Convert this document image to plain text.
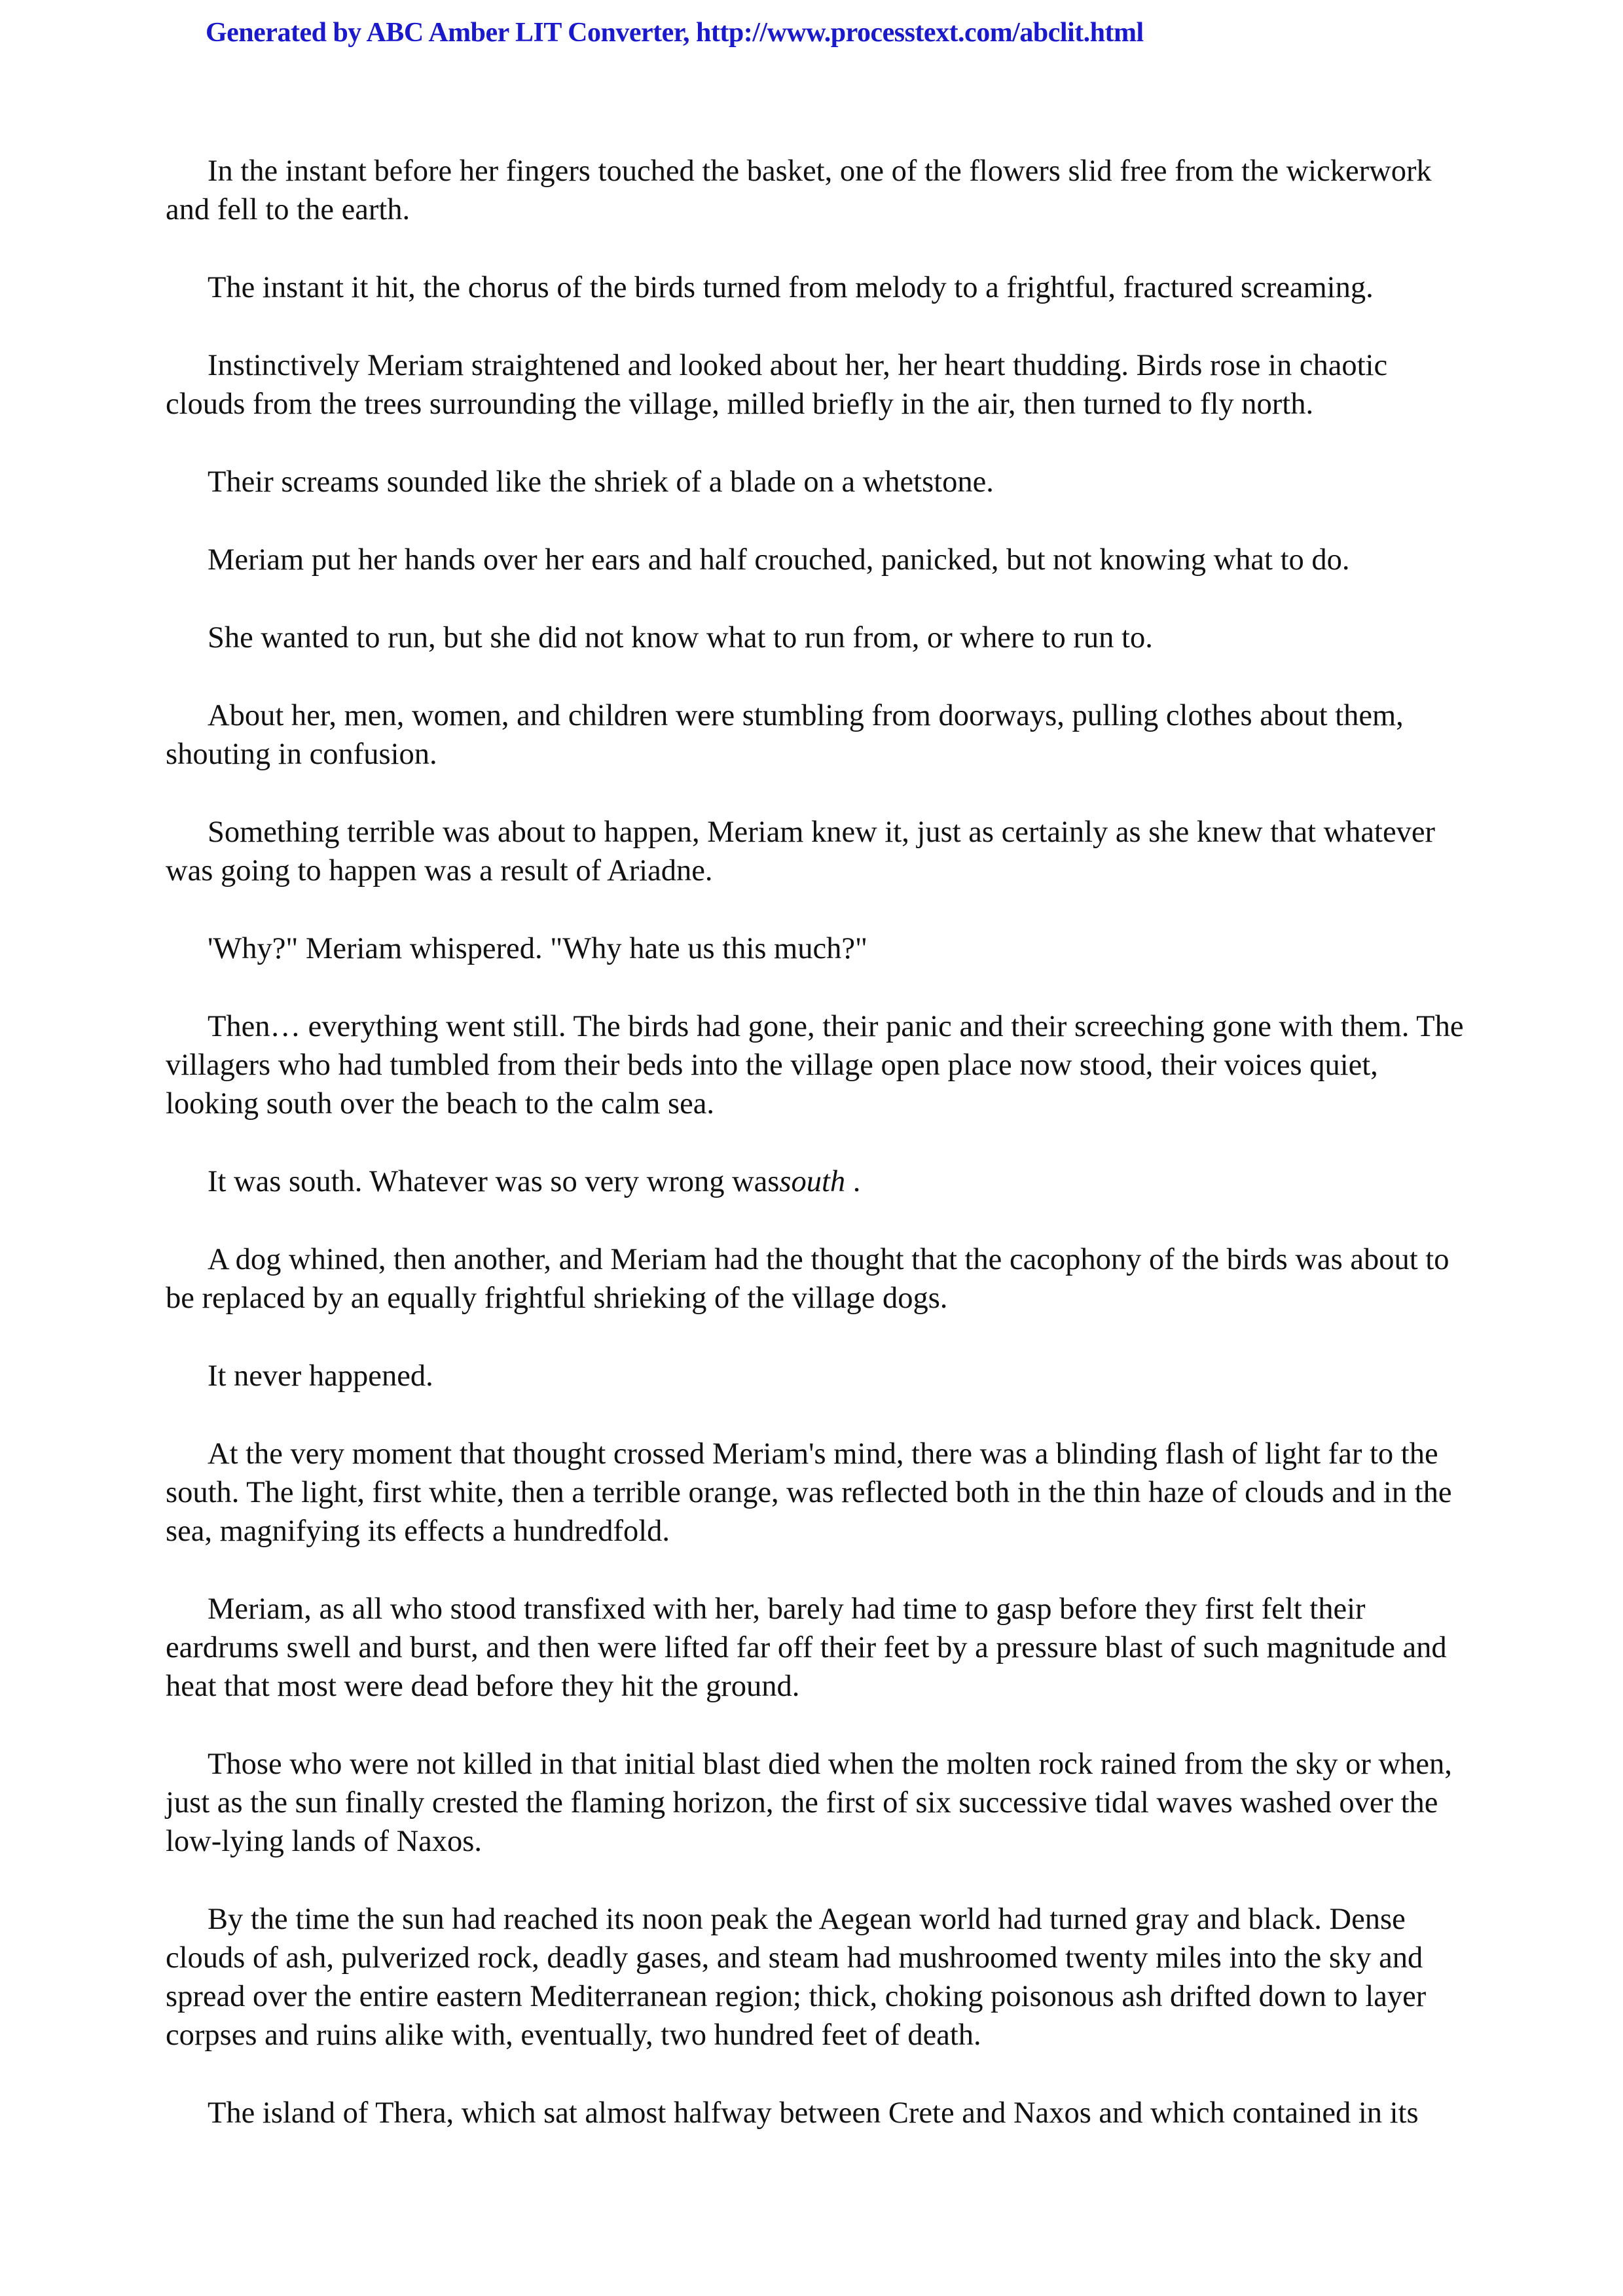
Generated by ABC Amber LIT Converter, http://www.processtext.com/abclit.html

In the instant before her fingers touched the basket, one of the flowers slid free from the wickerwork and fell to the earth.

The instant it hit, the chorus of the birds turned from melody to a frightful, fractured screaming.

Instinctively Meriam straightened and looked about her, her heart thudding. Birds rose in chaotic clouds from the trees surrounding the village, milled briefly in the air, then turned to fly north.

Their screams sounded like the shriek of a blade on a whetstone.

Meriam put her hands over her ears and half crouched, panicked, but not knowing what to do.

She wanted to run, but she did not know what to run from, or where to run to.

About her, men, women, and children were stumbling from doorways, pulling clothes about them, shouting in confusion.

Something terrible was about to happen, Meriam knew it, just as certainly as she knew that whatever was going to happen was a result of Ariadne.

'Why?" Meriam whispered. "Why hate us this much?"

Then… everything went still. The birds had gone, their panic and their screeching gone with them. The villagers who had tumbled from their beds into the village open place now stood, their voices quiet, looking south over the beach to the calm sea.

It was south. Whatever was so very wrong wassouth .

A dog whined, then another, and Meriam had the thought that the cacophony of the birds was about to be replaced by an equally frightful shrieking of the village dogs.

It never happened.

At the very moment that thought crossed Meriam's mind, there was a blinding flash of light far to the south. The light, first white, then a terrible orange, was reflected both in the thin haze of clouds and in the sea, magnifying its effects a hundredfold.

Meriam, as all who stood transfixed with her, barely had time to gasp before they first felt their eardrums swell and burst, and then were lifted far off their feet by a pressure blast of such magnitude and heat that most were dead before they hit the ground.

Those who were not killed in that initial blast died when the molten rock rained from the sky or when, just as the sun finally crested the flaming horizon, the first of six successive tidal waves washed over the low-lying lands of Naxos.

By the time the sun had reached its noon peak the Aegean world had turned gray and black. Dense clouds of ash, pulverized rock, deadly gases, and steam had mushroomed twenty miles into the sky and spread over the entire eastern Mediterranean region; thick, choking poisonous ash drifted down to layer corpses and ruins alike with, eventually, two hundred feet of death.

The island of Thera, which sat almost halfway between Crete and Naxos and which contained in its
